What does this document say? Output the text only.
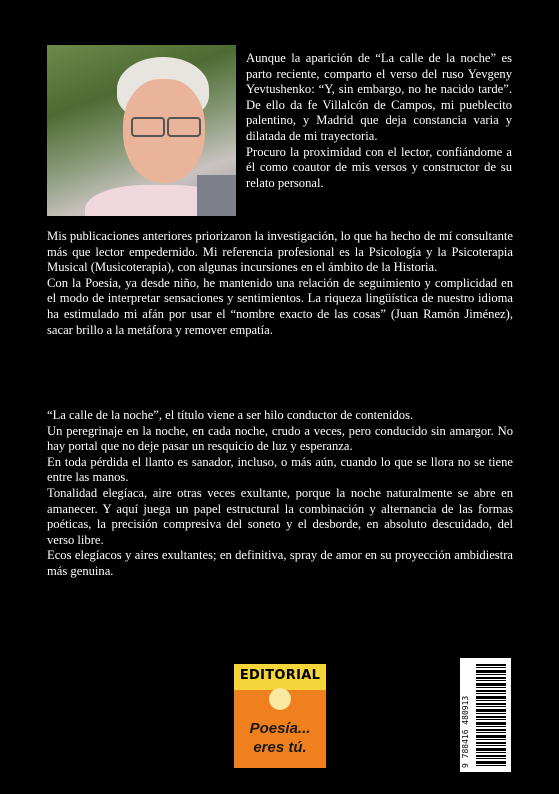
Aunque la aparición de “La calle de la noche” es parto reciente, comparto el verso del ruso Yevgeny Yevtushenko: “Y, sin embargo, no he nacido tarde”. De ello da fe Villalcón de Campos, mi pueblecito palentino, y Madrid que deja constancia varia y dilatada de mi trayectoria.

Procuro la proximidad con el lector, confiándome a él como coautor de mis versos y constructor de su relato personal.

Mis publicaciones anteriores priorizaron la investigación, lo que ha hecho de mí consultante más que lector empedernido. Mi referencia profesional es la Psicología y la Psicoterapia Musical (Musicoterapia), con algunas incursiones en el ámbito de la Historia.

Con la Poesía, ya desde niño, he mantenido una relación de seguimiento y complicidad en el modo de interpretar sensaciones y sentimientos. La riqueza lingüística de nuestro idioma ha estimulado mi afán por usar el “nombre exacto de las cosas” (Juan Ramón Jiménez), sacar brillo a la metáfora y remover empatía.

“La calle de la noche”, el título viene a ser hilo conductor de contenidos.

Un peregrinaje en la noche, en cada noche, crudo a veces, pero conducido sin amargor. No hay portal que no deje pasar un resquicio de luz y esperanza.

En toda pérdida el llanto es sanador, incluso, o más aún, cuando lo que se llora no se tiene entre las manos.

Tonalidad elegíaca, aire otras veces exultante, porque la noche naturalmente se abre en amanecer. Y aquí juega un papel estructural la combinación y alternancia de las formas poéticas, la precisión compresiva del soneto y el desborde, en absoluto descuidado, del verso libre.

Ecos elegíacos y aires exultantes; en definitiva, spray de amor en su proyección ambidiestra más genuina.

EDITORIAL
Poesía...
eres tú.	9 788416 480913
